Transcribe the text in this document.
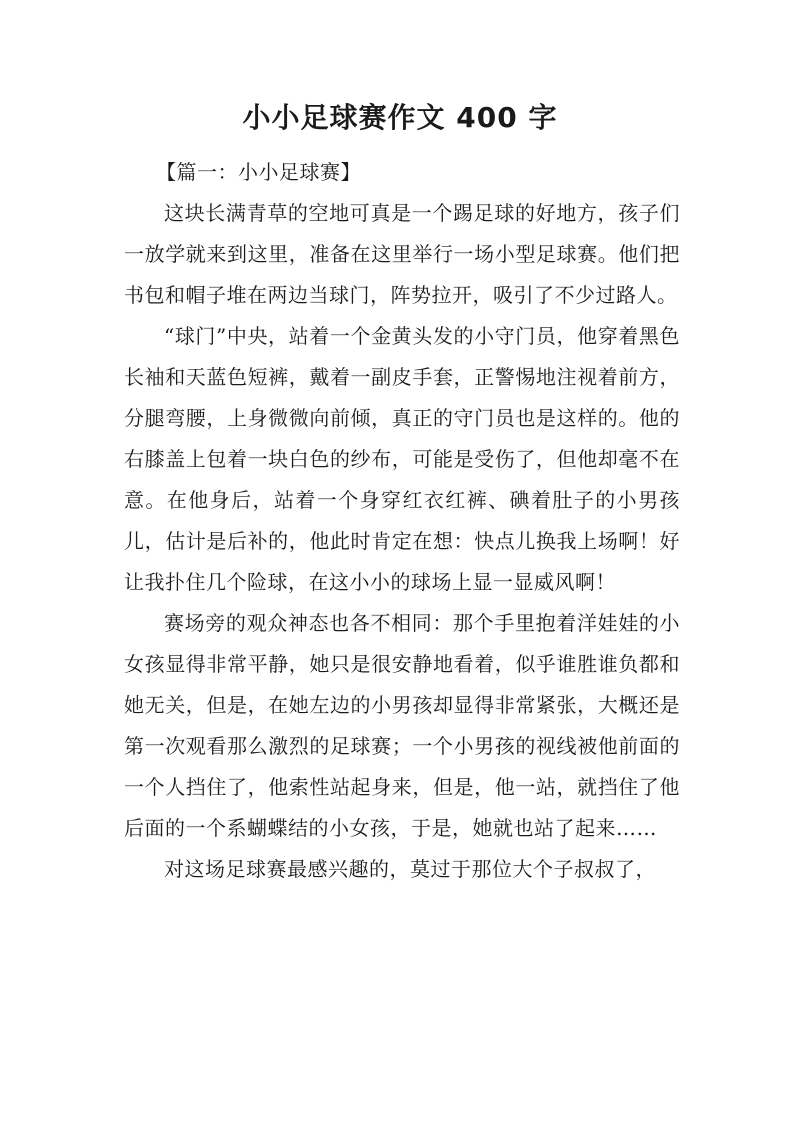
小小足球赛作文 400 字

【篇一：小小足球赛】

这块长满青草的空地可真是一个踢足球的好地方，孩子们一放学就来到这里，准备在这里举行一场小型足球赛。他们把书包和帽子堆在两边当球门，阵势拉开，吸引了不少过路人。

“球门”中央，站着一个金黄头发的小守门员，他穿着黑色长袖和天蓝色短裤，戴着一副皮手套，正警惕地注视着前方，分腿弯腰，上身微微向前倾，真正的守门员也是这样的。他的右膝盖上包着一块白色的纱布，可能是受伤了，但他却毫不在意。在他身后，站着一个身穿红衣红裤、碘着肚子的小男孩儿，估计是后补的，他此时肯定在想：快点儿换我上场啊！好让我扑住几个险球，在这小小的球场上显一显威风啊！

赛场旁的观众神态也各不相同：那个手里抱着洋娃娃的小女孩显得非常平静，她只是很安静地看着，似乎谁胜谁负都和她无关，但是，在她左边的小男孩却显得非常紧张，大概还是第一次观看那么激烈的足球赛；一个小男孩的视线被他前面的一个人挡住了，他索性站起身来，但是，他一站，就挡住了他后面的一个系蝴蝶结的小女孩，于是，她就也站了起来……

对这场足球赛最感兴趣的，莫过于那位大个子叔叔了，
